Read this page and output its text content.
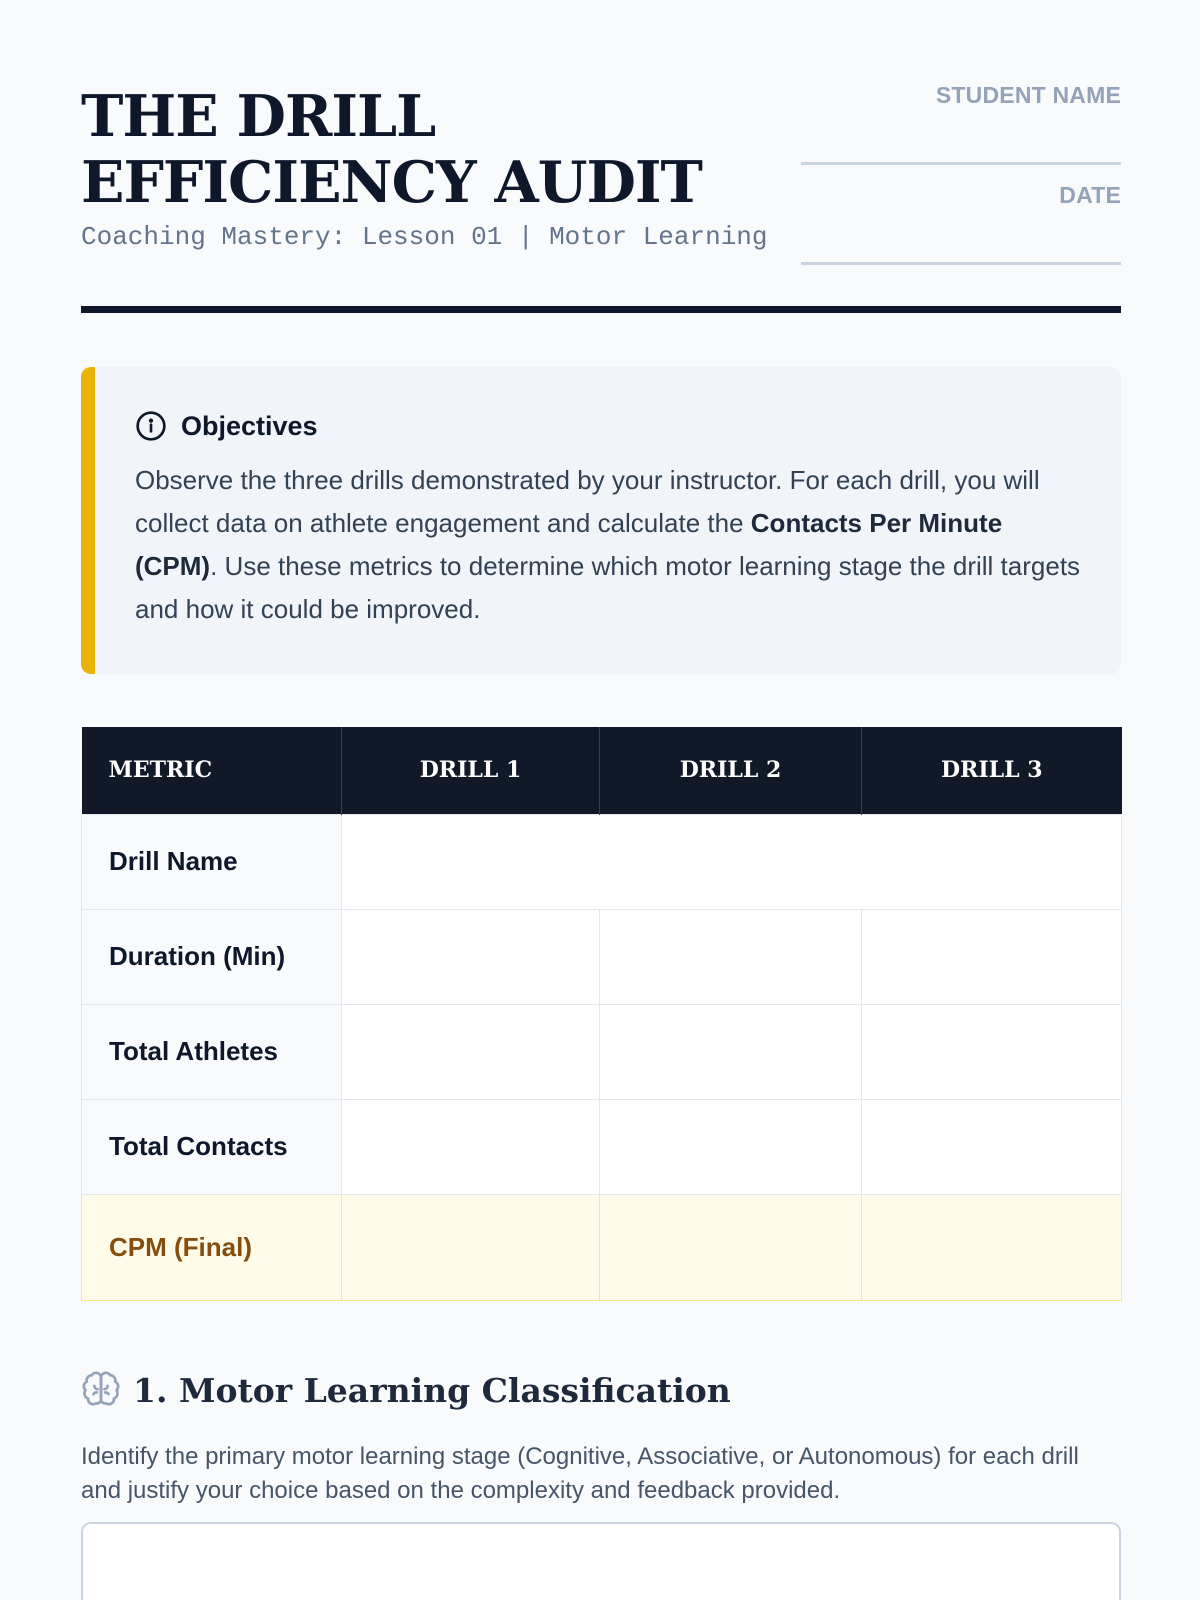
THE DRILL EFFICIENCY AUDIT
Coaching Mastery: Lesson 01 | Motor Learning
STUDENT NAME
DATE
Objectives

Observe the three drills demonstrated by your instructor. For each drill, you will collect data on athlete engagement and calculate the Contacts Per Minute (CPM). Use these metrics to determine which motor learning stage the drill targets and how it could be improved.

METRIC	DRILL 1	DRILL 2	DRILL 3
Drill Name			
Duration (Min)			
Total Athletes			
Total Contacts			
CPM (Final)			
1. Motor Learning Classification

Identify the primary motor learning stage (Cognitive, Associative, or Autonomous) for each drill and justify your choice based on the complexity and feedback provided.
